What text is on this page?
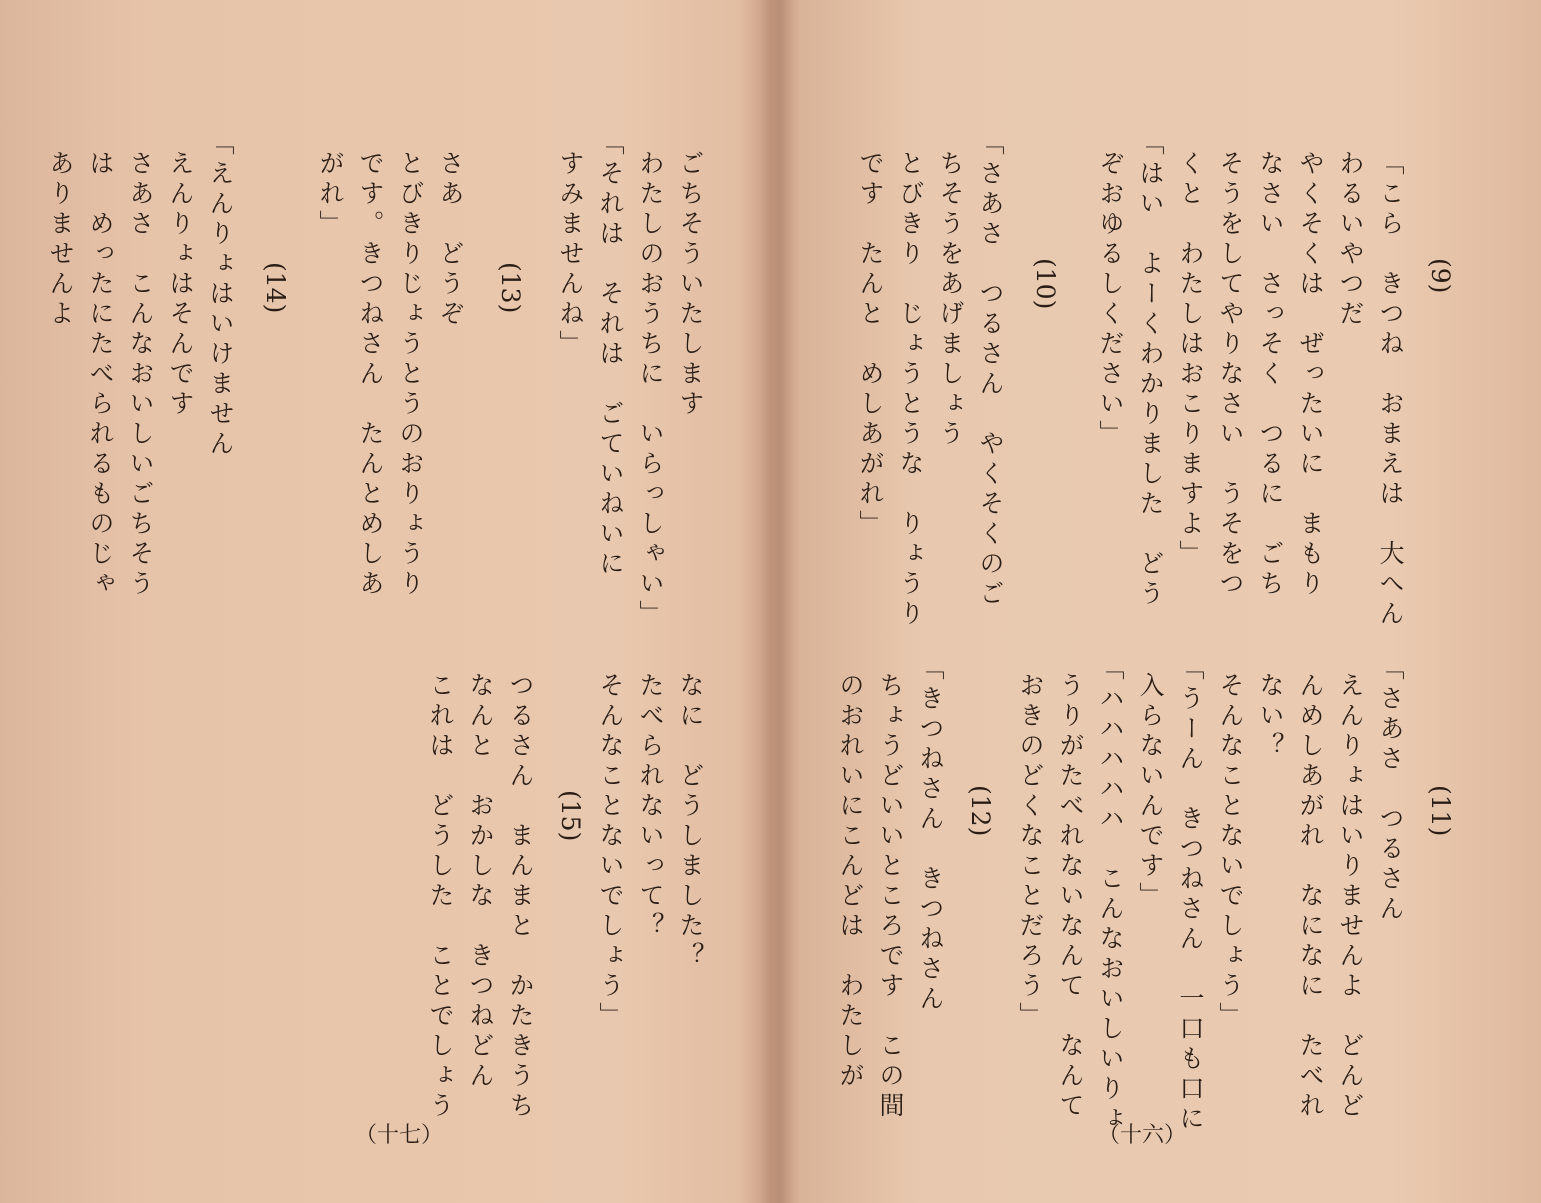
(9)
「こら　きつね　おまえは　大へん
わるいやつだ
やくそくは　ぜったいに　まもり
なさい　さっそく　つるに　ごち
そうをしてやりなさい　うそをつ
くと　わたしはおこりますよ」
「はい　よーくわかりました　どう
ぞおゆるしください」
(10)
「さあさ　つるさん　やくそくのご
ちそうをあげましょう
とびきり　じょうとうな　りょうり
です　たんと　めしあがれ」
(11)
「さあさ　つるさん
えんりょはいりませんよ　どんど
んめしあがれ　なになに　たべれ
ない？
そんなことないでしょう」
「うーん　きつねさん　一口も口に
入らないんです」
「ハハハハハ　こんなおいしいりょ
うりがたべれないなんて　なんて
おきのどくなことだろう」
(12)
「きつねさん　きつねさん
ちょうどいいところです　この間
のおれいにこんどは　わたしが
（十六）
ごちそういたします
わたしのおうちに　いらっしゃい」
「それは　それは　ごていねいに
すみませんね」
(13)
さあ　どうぞ
とびきりじょうとうのおりょうり
です。きつねさん　たんとめしあ
がれ」
(14)
「えんりょはいけません
えんりょはそんです
さあさ　こんなおいしいごちそう
は　めったにたべられるものじゃ
ありませんよ
(15)	なに　どうしました？
たべられないって？
そんなことないでしょう」
つるさん　まんまと　かたきうち
なんと　おかしな　きつねどん
これは　どうした　ことでしょう
（十七）
